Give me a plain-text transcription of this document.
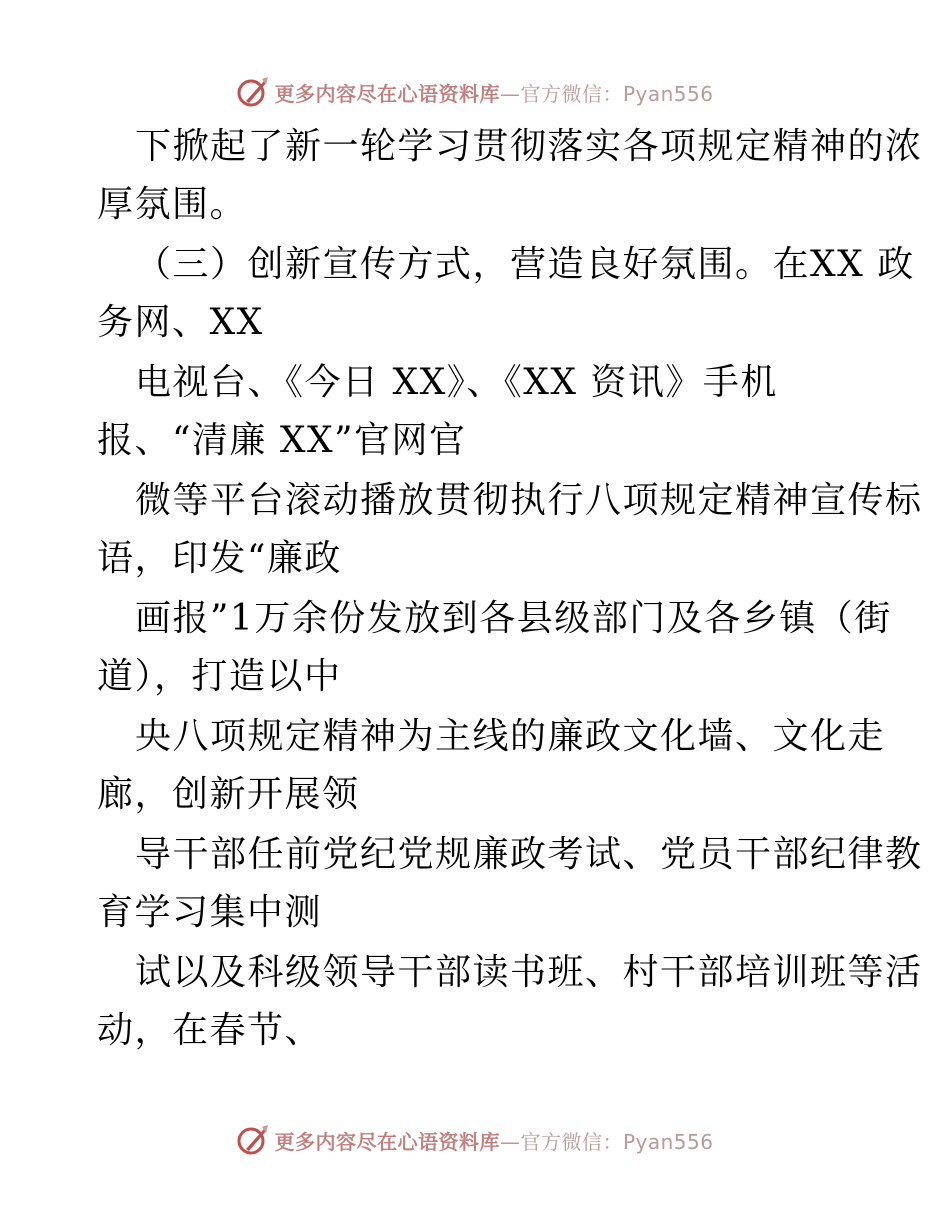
更多内容尽在心语资料库—官方微信：Pyan556
下掀起了新一轮学习贯彻落实各项规定精神的浓
厚氛围。
（三）创新宣传方式，营造良好氛围。在XX 政
务网、XX
电视台、《今日 XX》、《XX 资讯》手机
报、“清廉 XX”官网官
微等平台滚动播放贯彻执行八项规定精神宣传标
语，印发“廉政
画报”1万余份发放到各县级部门及各乡镇（街
道），打造以中
央八项规定精神为主线的廉政文化墙、文化走
廊，创新开展领
导干部任前党纪党规廉政考试、党员干部纪律教
育学习集中测
试以及科级领导干部读书班、村干部培训班等活
动，在春节、
更多内容尽在心语资料库—官方微信：Pyan556
